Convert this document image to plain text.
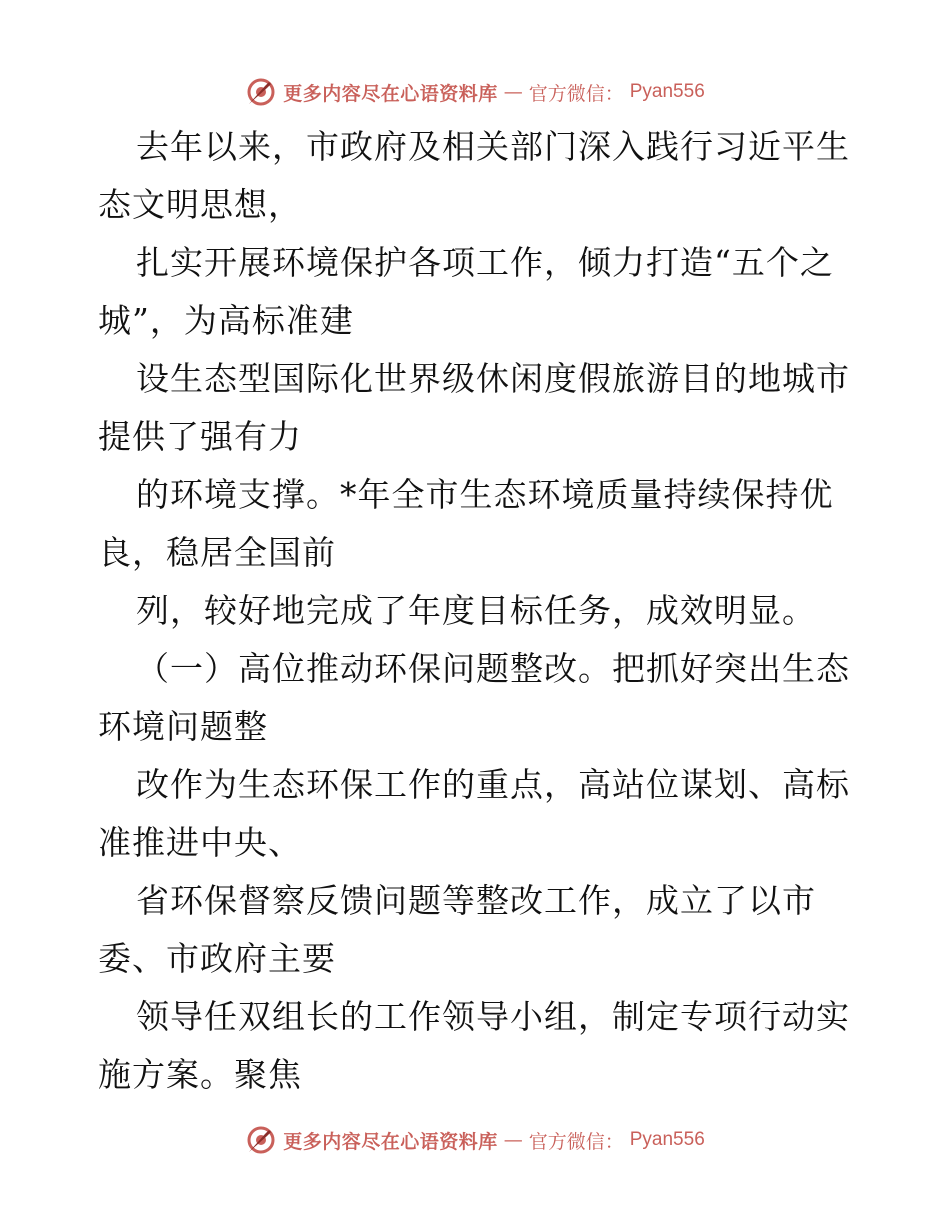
更多内容尽在心语资料库 — 官方微信： Pyan556
去年以来，市政府及相关部门深入践行习近平生
态文明思想，
扎实开展环境保护各项工作，倾力打造“五个之
城”，为高标准建
设生态型国际化世界级休闲度假旅游目的地城市
提供了强有力
的环境支撑。*年全市生态环境质量持续保持优
良，稳居全国前
列，较好地完成了年度目标任务，成效明显。
（一）高位推动环保问题整改。把抓好突出生态
环境问题整
改作为生态环保工作的重点，高站位谋划、高标
准推进中央、
省环保督察反馈问题等整改工作，成立了以市
委、市政府主要
领导任双组长的工作领导小组，制定专项行动实
施方案。聚焦
更多内容尽在心语资料库 — 官方微信： Pyan556
